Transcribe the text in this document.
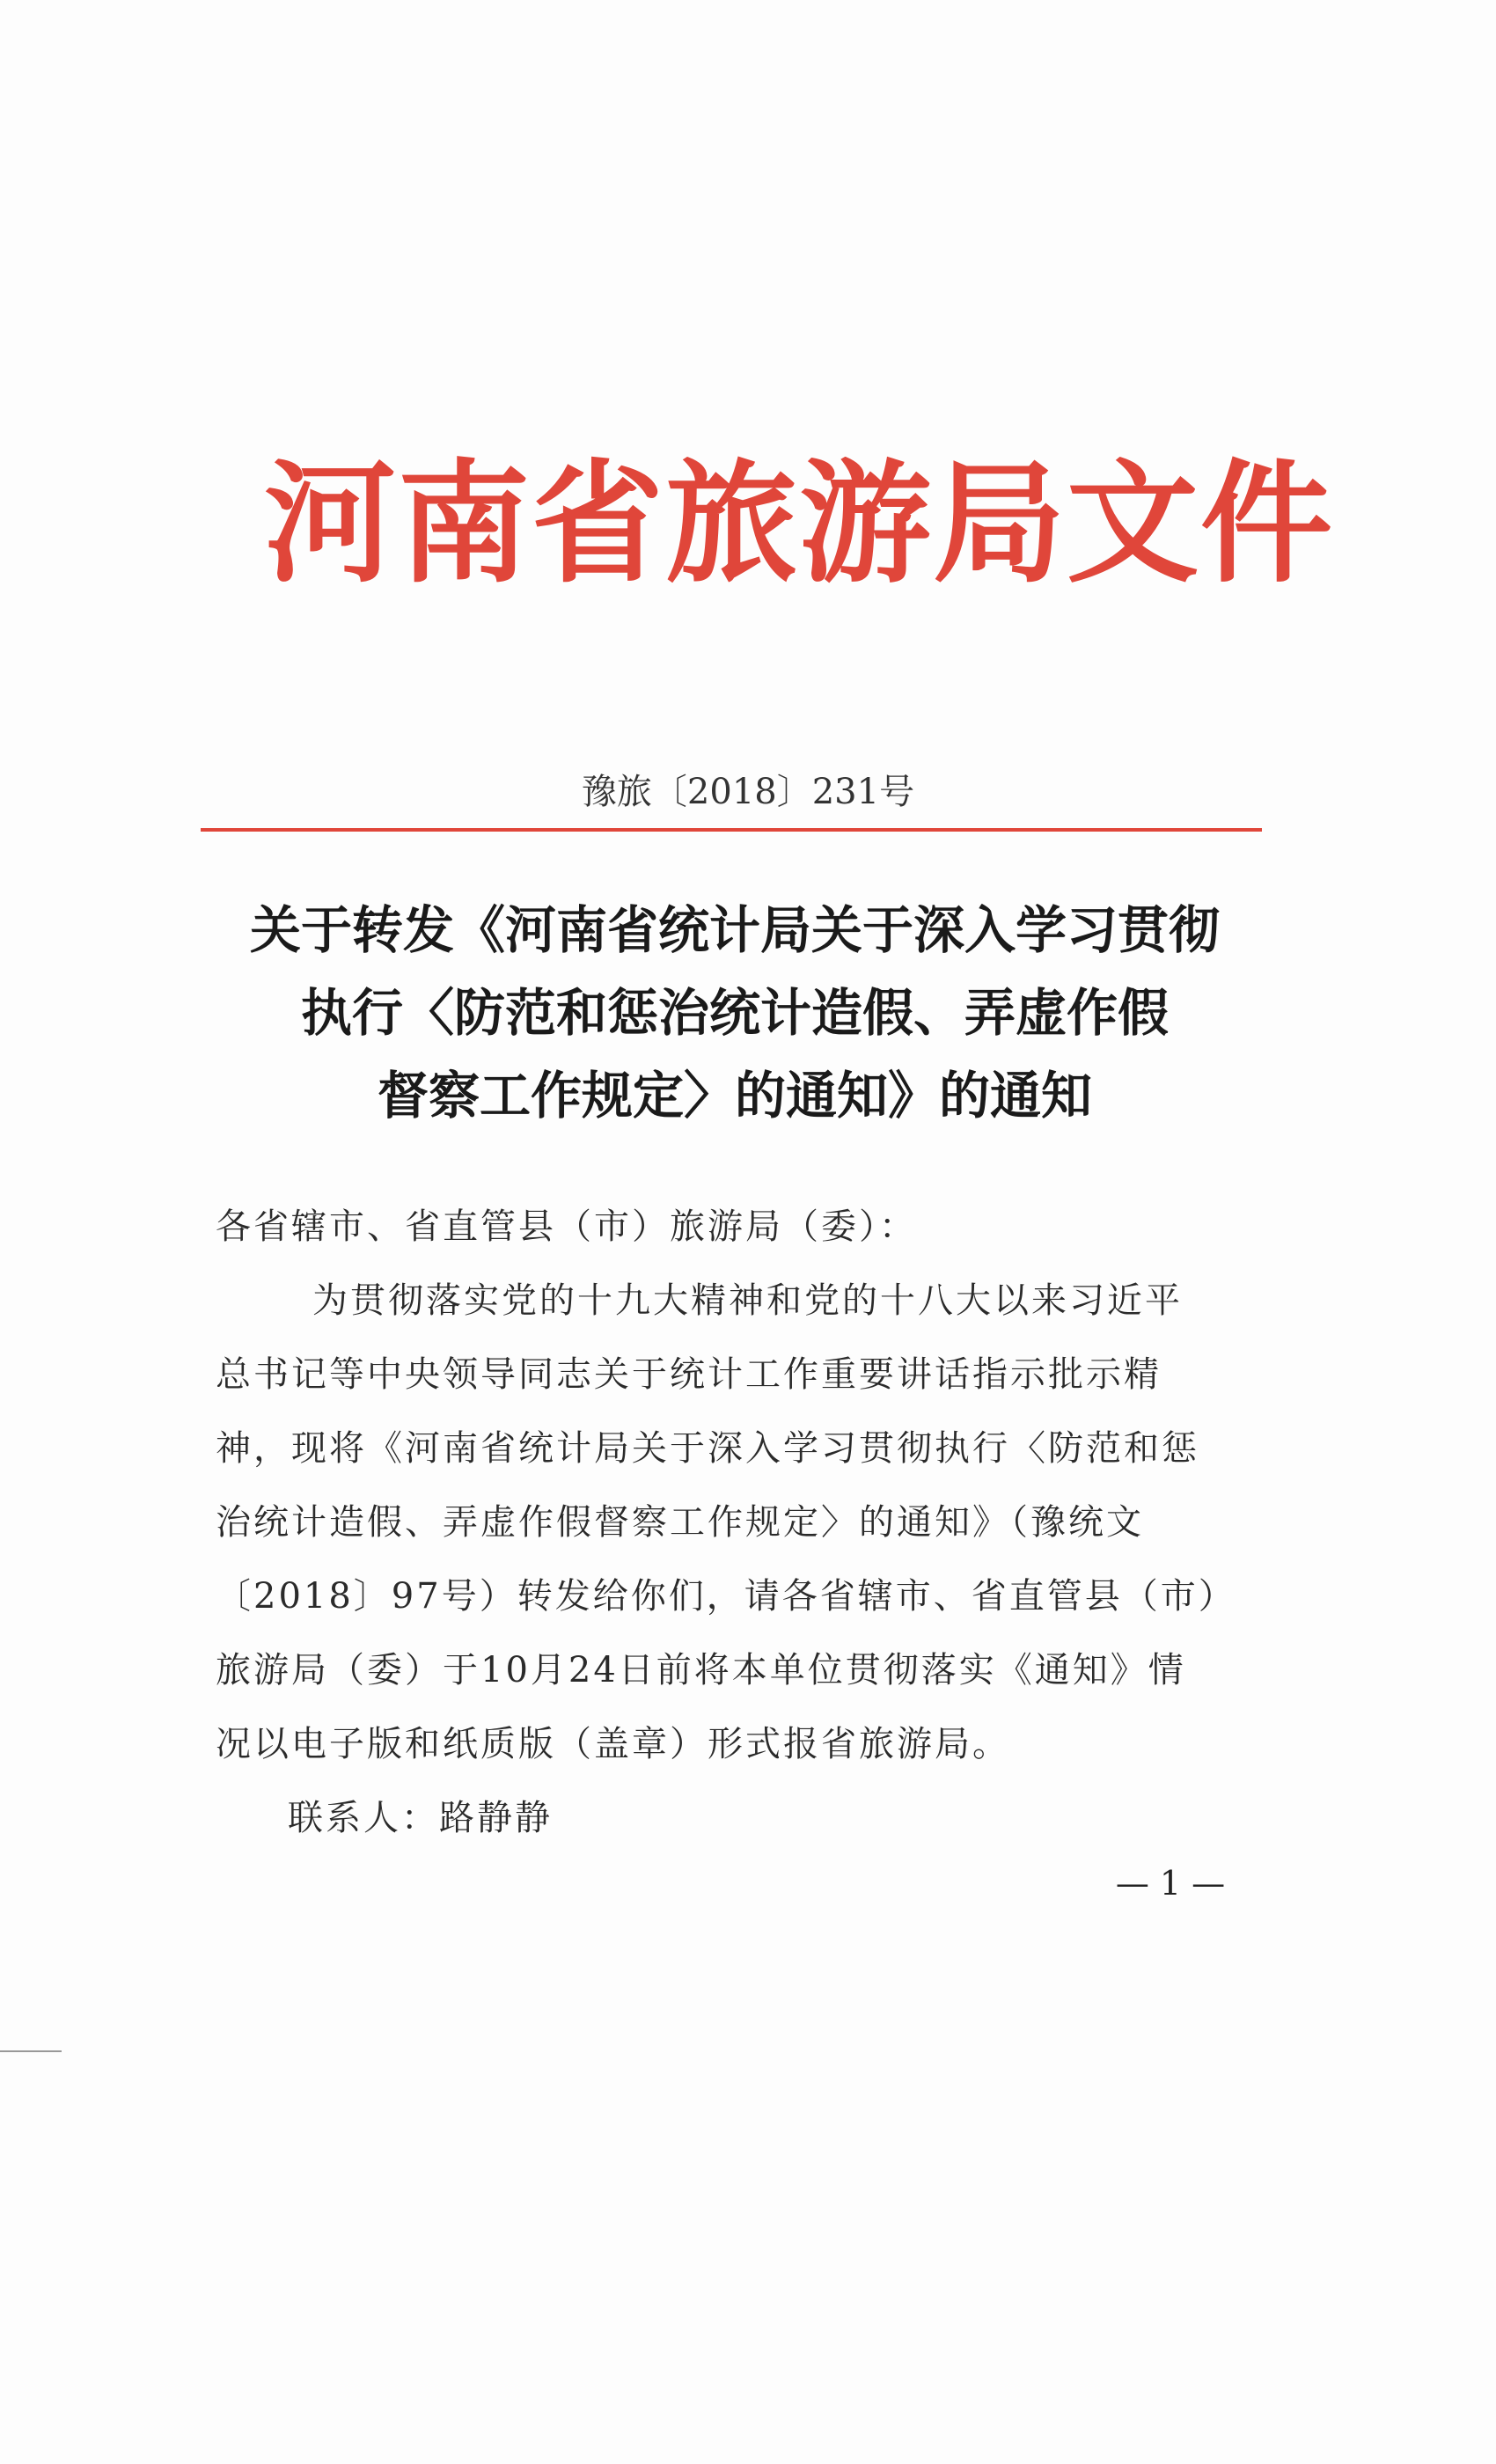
河南省旅游局文件
豫旅〔2018〕231号
关于转发《河南省统计局关于深入学习贯彻
执行〈防范和惩治统计造假、弄虚作假
督察工作规定〉的通知》的通知
各省辖市、省直管县（市）旅游局（委）：
为贯彻落实党的十九大精神和党的十八大以来习近平
总书记等中央领导同志关于统计工作重要讲话指示批示精
神，现将《河南省统计局关于深入学习贯彻执行〈防范和惩
治统计造假、弄虚作假督察工作规定〉的通知》（豫统文
〔2018〕97号）转发给你们，请各省辖市、省直管县（市）
旅游局（委）于10月24日前将本单位贯彻落实《通知》情
况以电子版和纸质版（盖章）形式报省旅游局。
联系人：路静静
— 1 —
